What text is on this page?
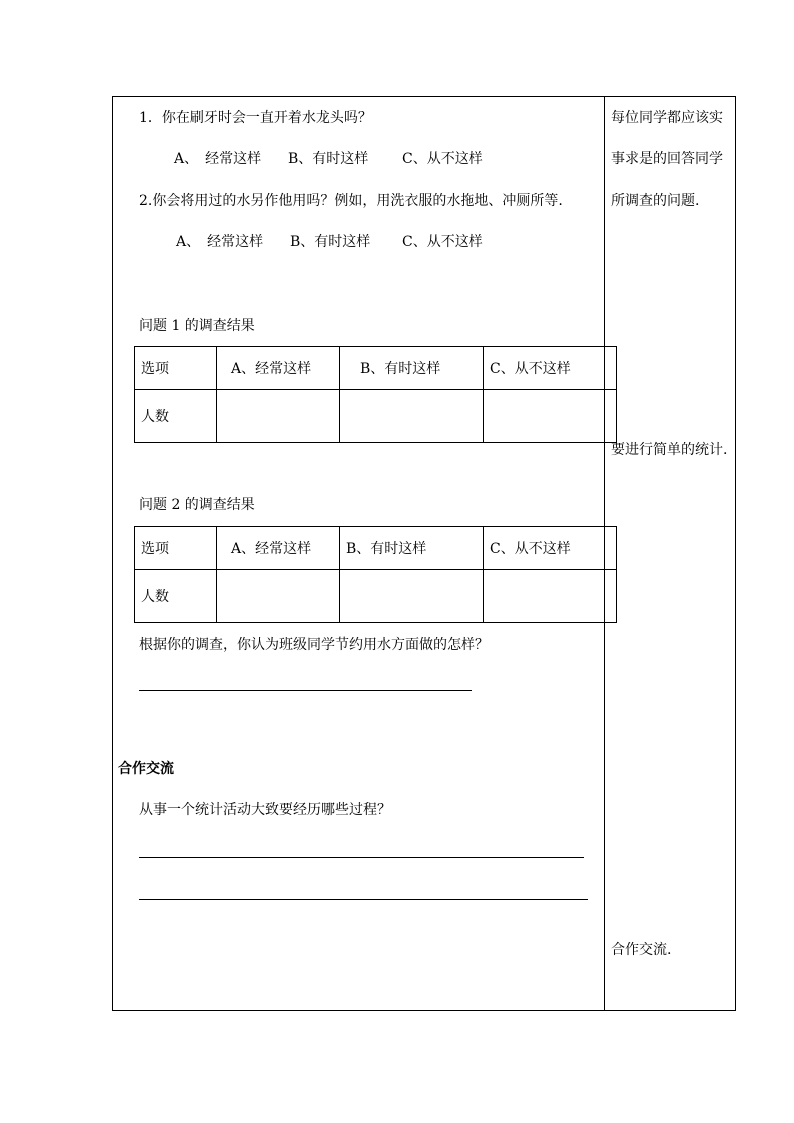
1．你在刷牙时会一直开着水龙头吗？
A、　经常这样 B、有时这样 C、从不这样
2.你会将用过的水另作他用吗？例如，用洗衣服的水拖地、冲厕所等.
A、　经常这样 B、有时这样 C、从不这样
问题 1 的调查结果
选项	A、经常这样	B、有时这样	C、从不这样
人数			
问题 2 的调查结果
选项	A、经常这样	B、有时这样	C、从不这样
人数			
根据你的调查，你认为班级同学节约用水方面做的怎样？
合作交流
从事一个统计活动大致要经历哪些过程？
每位同学都应该实
事求是的回答同学
所调查的问题.
要进行简单的统计.
合作交流.
